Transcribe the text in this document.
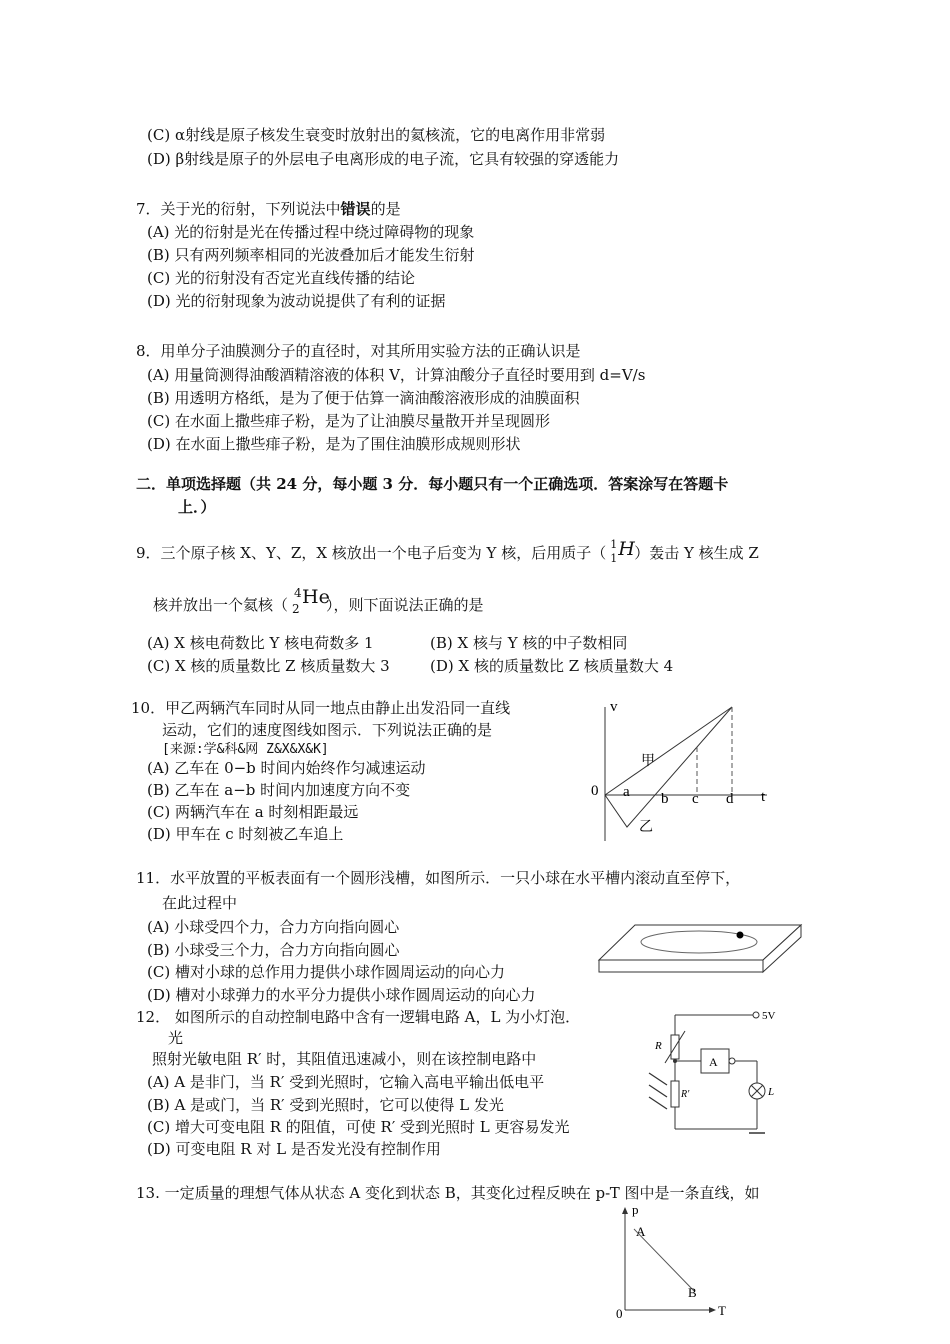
(C) α射线是原子核发生衰变时放射出的氦核流，它的电离作用非常弱
(D) β射线是原子的外层电子电离形成的电子流，它具有较强的穿透能力
7．关于光的衍射，下列说法中错误的是
(A) 光的衍射是光在传播过程中绕过障碍物的现象
(B) 只有两列频率相同的光波叠加后才能发生衍射
(C) 光的衍射没有否定光直线传播的结论
(D) 光的衍射现象为波动说提供了有利的证据
8．用单分子油膜测分子的直径时，对其所用实验方法的正确认识是
(A) 用量筒测得油酸酒精溶液的体积 V，计算油酸分子直径时要用到 d=V/s
(B) 用透明方格纸，是为了便于估算一滴油酸溶液形成的油膜面积
(C) 在水面上撒些痱子粉，是为了让油膜尽量散开并呈现圆形
(D) 在水面上撒些痱子粉，是为了围住油膜形成规则形状
二．单项选择题（共 24 分，每小题 3 分．每小题只有一个正确选项．答案涂写在答题卡
上．）
9．三个原子核 X、Y、Z，X 核放出一个电子后变为 Y 核，后用质子（ 1
1 H ）轰击 Y 核生成 Z
核并放出一个氦核（
4
2
He
），则下面说法正确的是
(A) X 核电荷数比 Y 核电荷数多 1	(B) X 核与 Y 核的中子数相同
(C) X 核的质量数比 Z 核质量数大 3	(D) X 核的质量数比 Z 核质量数大 4
10．甲乙两辆汽车同时从同一地点由静止出发沿同一直线
运动，它们的速度图线如图示．下列说法正确的是
[来源:学&科&网 Z&X&X&K]
(A) 乙车在 0−b 时间内始终作匀减速运动
(B) 乙车在 a−b 时间内加速度方向不变
(C) 两辆汽车在 a 时刻相距最远
(D) 甲车在 c 时刻被乙车追上
v
t
0 a b c d
甲
乙
11．水平放置的平板表面有一个圆形浅槽，如图所示．一只小球在水平槽内滚动直至停下，
在此过程中
(A) 小球受四个力，合力方向指向圆心
(B) 小球受三个力，合力方向指向圆心
(C) 槽对小球的总作用力提供小球作圆周运动的向心力
(D) 槽对小球弹力的水平分力提供小球作圆周运动的向心力
12． 如图所示的自动控制电路中含有一逻辑电路 A，L 为小灯泡．
光
照射光敏电阻 R′ 时，其阻值迅速减小，则在该控制电路中
(A) A 是非门，当 R′ 受到光照时，它输入高电平输出低电平
(B) A 是或门，当 R′ 受到光照时，它可以使得 L 发光
(C) 增大可变电阻 R 的阻值，可使 R′ 受到光照时 L 更容易发光
(D) 可变电阻 R 对 L 是否发光没有控制作用
5V
R
A
L
R'
13. 一定质量的理想气体从状态 A 变化到状态 B，其变化过程反映在 p-T 图中是一条直线，如
p
T
0
A
B
